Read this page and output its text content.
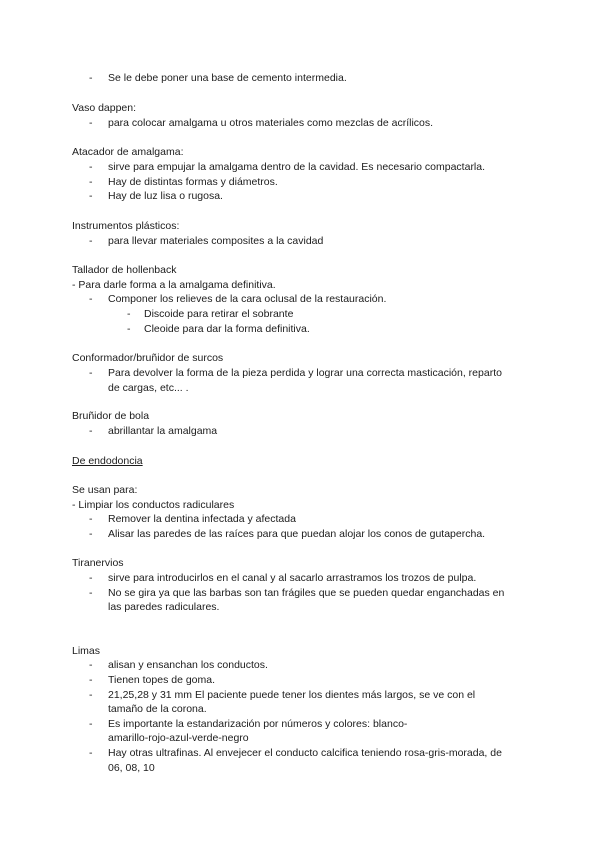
- Se le debe poner una base de cemento intermedia.
Vaso dappen:
- para colocar amalgama u otros materiales como mezclas de acrílicos.
Atacador de amalgama:
- sirve para empujar la amalgama dentro de la cavidad. Es necesario compactarla.
- Hay de distintas formas y diámetros.
- Hay de luz lisa o rugosa.
Instrumentos plásticos:
- para llevar materiales composites a la cavidad
Tallador de hollenback
- Para darle forma a la amalgama definitiva.
- Componer los relieves de la cara oclusal de la restauración.
- Discoide para retirar el sobrante
- Cleoide para dar la forma definitiva.
Conformador/bruñidor de surcos
- Para devolver la forma de la pieza perdida y lograr una correcta masticación, reparto
de cargas, etc... .
Bruñidor de bola
- abrillantar la amalgama
De endodoncia
Se usan para:
- Limpiar los conductos radiculares
- Remover la dentina infectada y afectada
- Alisar las paredes de las raíces para que puedan alojar los conos de gutapercha.
Tiranervios
- sirve para introducirlos en el canal y al sacarlo arrastramos los trozos de pulpa.
- No se gira ya que las barbas son tan frágiles que se pueden quedar enganchadas en
las paredes radiculares.
Limas
- alisan y ensanchan los conductos.
- Tienen topes de goma.
- 21,25,28 y 31 mm El paciente puede tener los dientes más largos, se ve con el
tamaño de la corona.
- Es importante la estandarización por números y colores: blanco-
amarillo-rojo-azul-verde-negro
- Hay otras ultrafinas. Al envejecer el conducto calcifica teniendo rosa-gris-morada, de
06, 08, 10
